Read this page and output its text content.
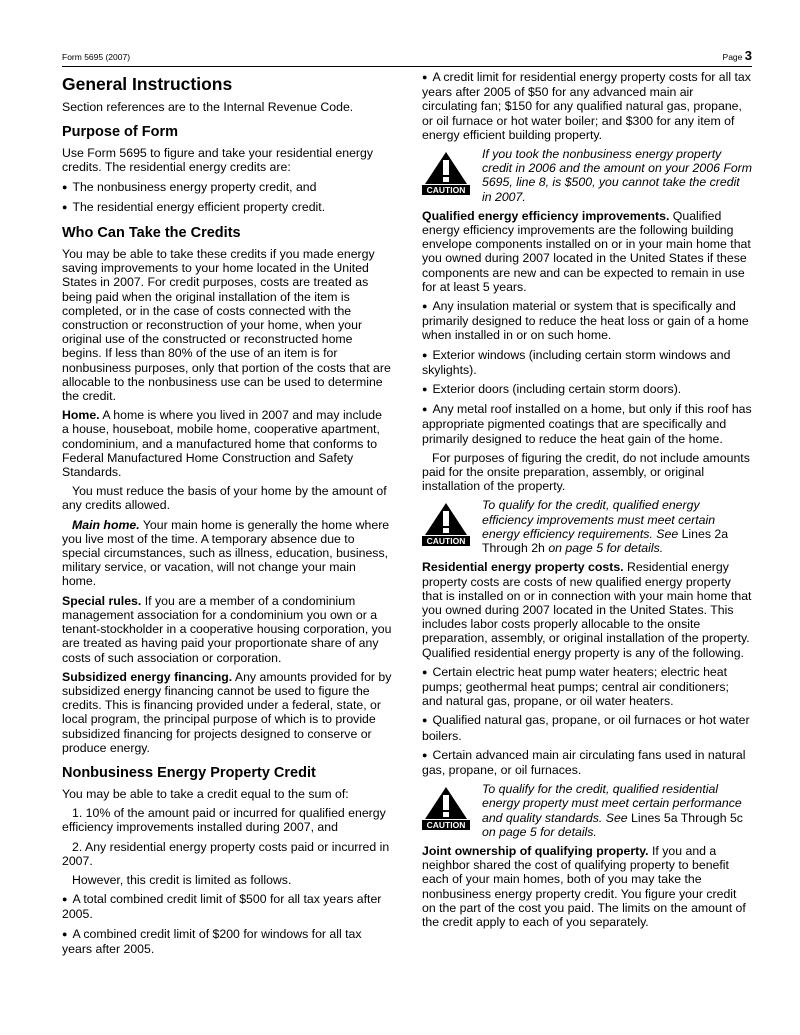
Form 5695 (2007)	Page 3
General Instructions

Section references are to the Internal Revenue Code.

Purpose of Form

Use Form 5695 to figure and take your residential energy credits. The residential energy credits are:

● The nonbusiness energy property credit, and

● The residential energy efficient property credit.

Who Can Take the Credits

You may be able to take these credits if you made energy saving improvements to your home located in the United States in 2007. For credit purposes, costs are treated as being paid when the original installation of the item is completed, or in the case of costs connected with the construction or reconstruction of your home, when your original use of the constructed or reconstructed home begins. If less than 80% of the use of an item is for nonbusiness purposes, only that portion of the costs that are allocable to the nonbusiness use can be used to determine the credit.

Home. A home is where you lived in 2007 and may include a house, houseboat, mobile home, cooperative apartment, condominium, and a manufactured home that conforms to Federal Manufactured Home Construction and Safety Standards.

You must reduce the basis of your home by the amount of any credits allowed.

Main home. Your main home is generally the home where you live most of the time. A temporary absence due to special circumstances, such as illness, education, business, military service, or vacation, will not change your main home.

Special rules. If you are a member of a condominium management association for a condominium you own or a tenant-stockholder in a cooperative housing corporation, you are treated as having paid your proportionate share of any costs of such association or corporation.

Subsidized energy financing. Any amounts provided for by subsidized energy financing cannot be used to figure the credits. This is financing provided under a federal, state, or local program, the principal purpose of which is to provide subsidized financing for projects designed to conserve or produce energy.

Nonbusiness Energy Property Credit

You may be able to take a credit equal to the sum of:

1. 10% of the amount paid or incurred for qualified energy efficiency improvements installed during 2007, and

2. Any residential energy property costs paid or incurred in 2007.

However, this credit is limited as follows.

● A total combined credit limit of $500 for all tax years after 2005.

● A combined credit limit of $200 for windows for all tax years after 2005.

● A credit limit for residential energy property costs for all tax years after 2005 of $50 for any advanced main air circulating fan; $150 for any qualified natural gas, propane, or oil furnace or hot water boiler; and $300 for any item of energy efficient building property.

CAUTION
If you took the nonbusiness energy property credit in 2006 and the amount on your 2006 Form 5695, line 8, is $500, you cannot take the credit in 2007.

Qualified energy efficiency improvements. Qualified energy efficiency improvements are the following building envelope components installed on or in your main home that you owned during 2007 located in the United States if these components are new and can be expected to remain in use for at least 5 years.

● Any insulation material or system that is specifically and primarily designed to reduce the heat loss or gain of a home when installed in or on such home.

● Exterior windows (including certain storm windows and skylights).

● Exterior doors (including certain storm doors).

● Any metal roof installed on a home, but only if this roof has appropriate pigmented coatings that are specifically and primarily designed to reduce the heat gain of the home.

For purposes of figuring the credit, do not include amounts paid for the onsite preparation, assembly, or original installation of the property.

CAUTION
To qualify for the credit, qualified energy efficiency improvements must meet certain energy efficiency requirements. See Lines 2a Through 2h on page 5 for details.

Residential energy property costs. Residential energy property costs are costs of new qualified energy property that is installed on or in connection with your main home that you owned during 2007 located in the United States. This includes labor costs properly allocable to the onsite preparation, assembly, or original installation of the property. Qualified residential energy property is any of the following.

● Certain electric heat pump water heaters; electric heat pumps; geothermal heat pumps; central air conditioners; and natural gas, propane, or oil water heaters.

● Qualified natural gas, propane, or oil furnaces or hot water boilers.

● Certain advanced main air circulating fans used in natural gas, propane, or oil furnaces.

CAUTION
To qualify for the credit, qualified residential energy property must meet certain performance and quality standards. See Lines 5a Through 5c on page 5 for details.

Joint ownership of qualifying property. If you and a neighbor shared the cost of qualifying property to benefit each of your main homes, both of you may take the nonbusiness energy property credit. You figure your credit on the part of the cost you paid. The limits on the amount of the credit apply to each of you separately.
